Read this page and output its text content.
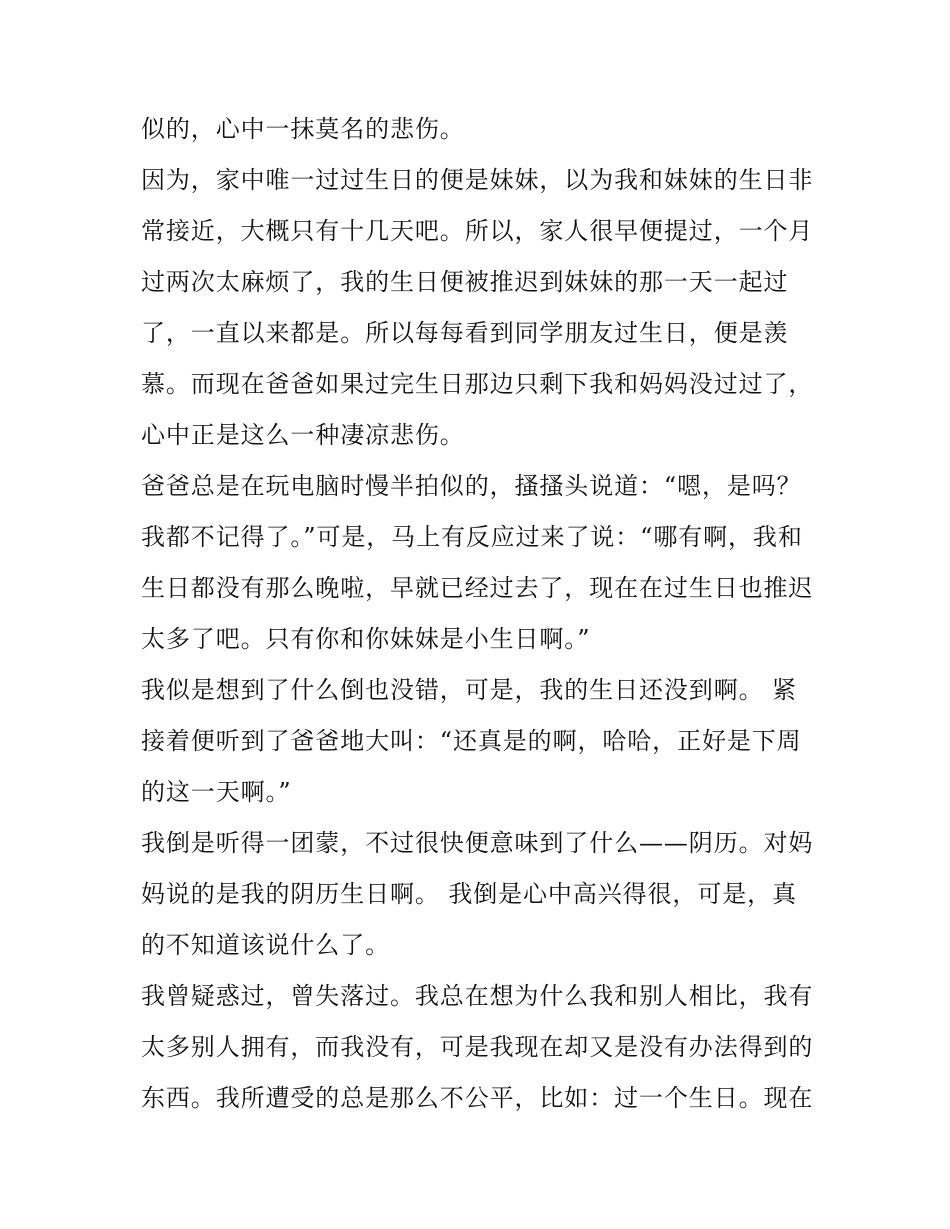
似的，心中一抹莫名的悲伤。
因为，家中唯一过过生日的便是妹妹，以为我和妹妹的生日非
常接近，大概只有十几天吧。所以，家人很早便提过，一个月
过两次太麻烦了，我的生日便被推迟到妹妹的那一天一起过
了，一直以来都是。所以每每看到同学朋友过生日，便是羡
慕。而现在爸爸如果过完生日那边只剩下我和妈妈没过过了，
心中正是这么一种凄凉悲伤。
爸爸总是在玩电脑时慢半拍似的，搔搔头说道：“嗯，是吗？
我都不记得了。”可是，马上有反应过来了说：“哪有啊，我和
生日都没有那么晚啦，早就已经过去了，现在在过生日也推迟
太多了吧。只有你和你妹妹是小生日啊。”
我似是想到了什么倒也没错，可是，我的生日还没到啊。 紧
接着便听到了爸爸地大叫：“还真是的啊，哈哈，正好是下周
的这一天啊。”
我倒是听得一团蒙，不过很快便意味到了什么——阴历。对妈
妈说的是我的阴历生日啊。 我倒是心中高兴得很，可是，真
的不知道该说什么了。
我曾疑惑过，曾失落过。我总在想为什么我和别人相比，我有
太多别人拥有，而我没有，可是我现在却又是没有办法得到的
东西。我所遭受的总是那么不公平，比如：过一个生日。现在
